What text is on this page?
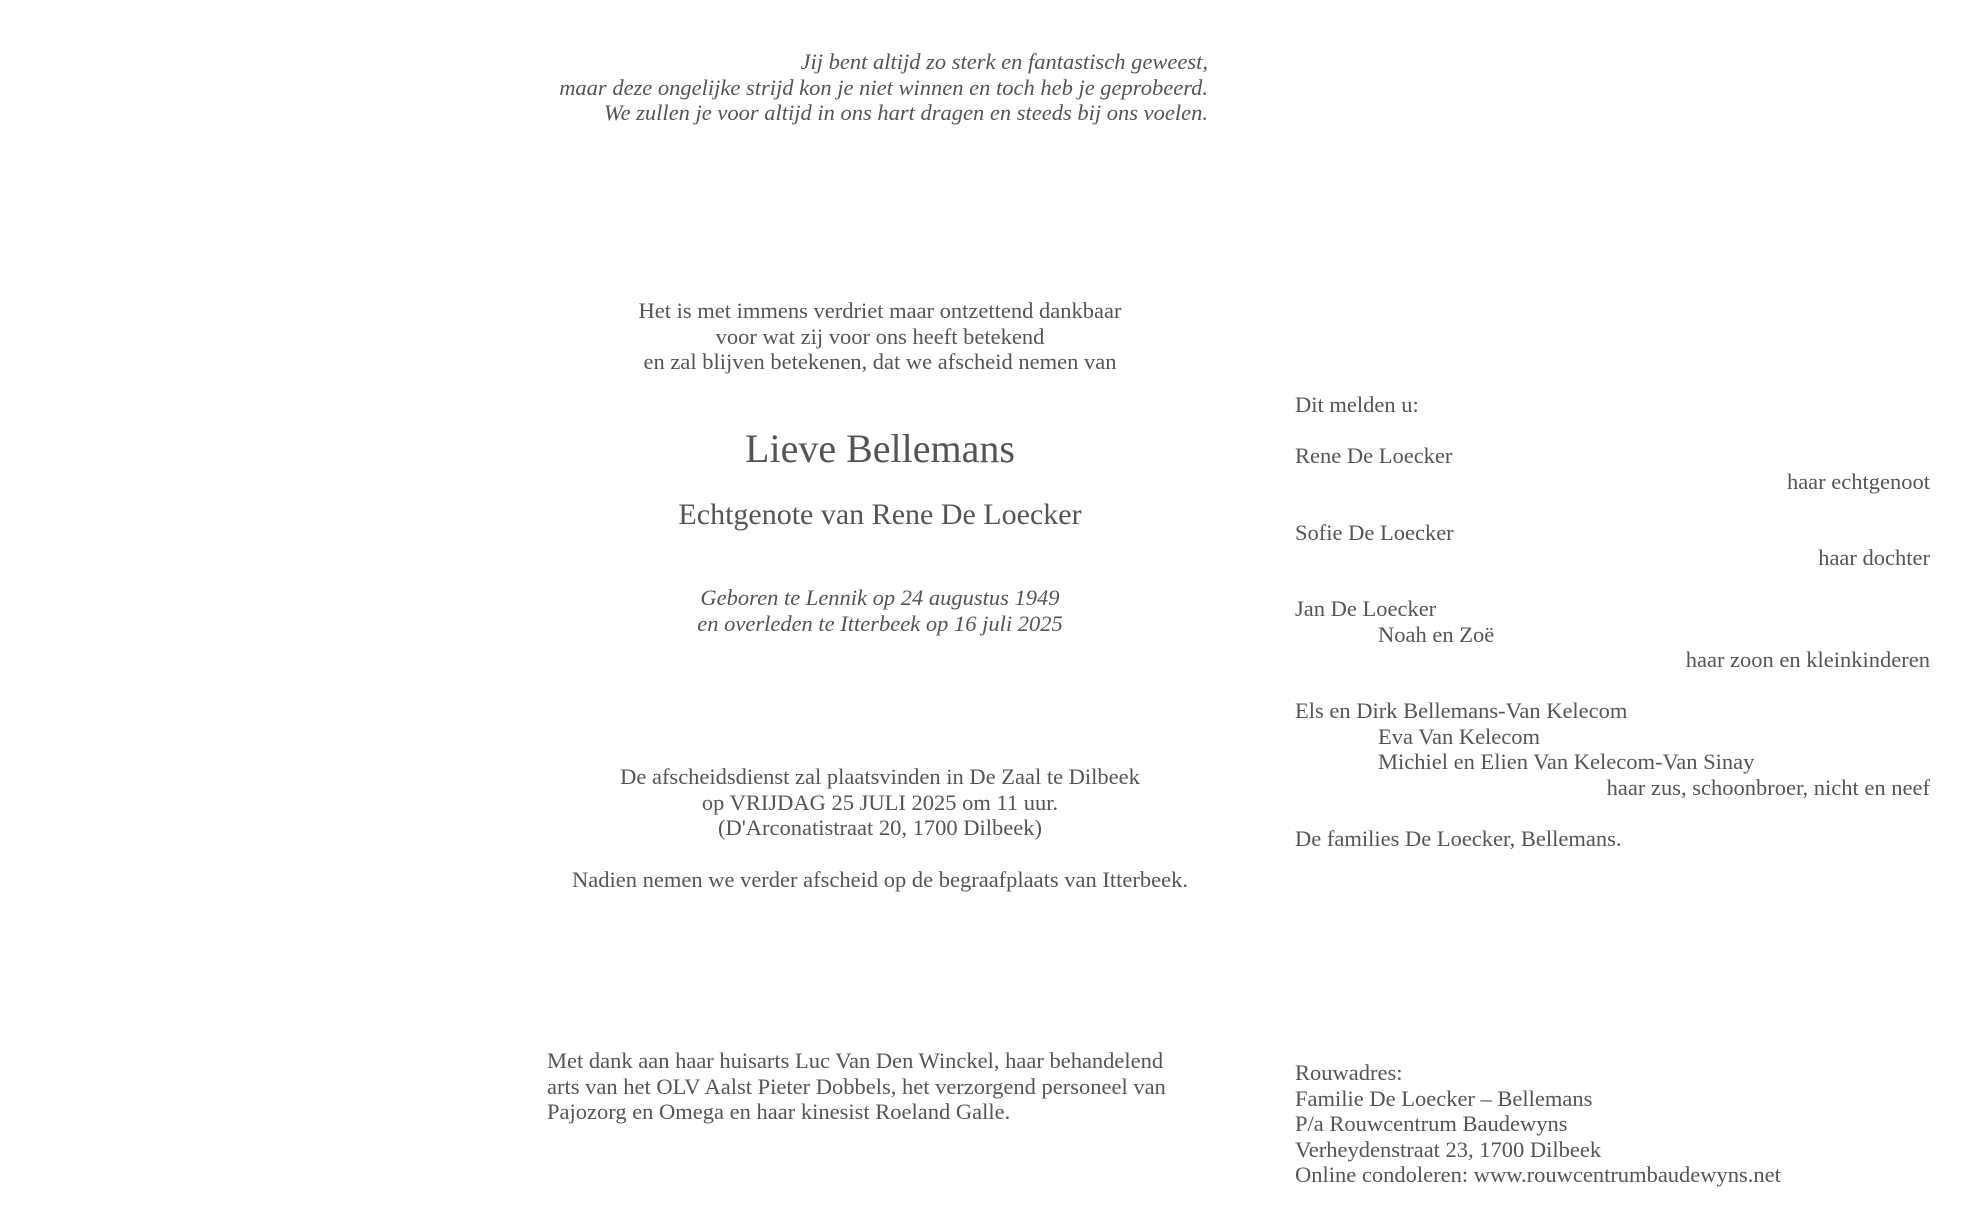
Jij bent altijd zo sterk en fantastisch geweest,
maar deze ongelijke strijd kon je niet winnen en toch heb je geprobeerd.
We zullen je voor altijd in ons hart dragen en steeds bij ons voelen.
Het is met immens verdriet maar ontzettend dankbaar
voor wat zij voor ons heeft betekend
en zal blijven betekenen, dat we afscheid nemen van
Lieve Bellemans
Echtgenote van Rene De Loecker
Geboren te Lennik op 24 augustus 1949
en overleden te Itterbeek op 16 juli 2025
De afscheidsdienst zal plaatsvinden in De Zaal te Dilbeek
op VRIJDAG 25 JULI 2025 om 11 uur.
(D'Arconatistraat 20, 1700 Dilbeek)
Nadien nemen we verder afscheid op de begraafplaats van Itterbeek.
Met dank aan haar huisarts Luc Van Den Winckel, haar behandelend
arts van het OLV Aalst Pieter Dobbels, het verzorgend personeel van
Pajozorg en Omega en haar kinesist Roeland Galle.
Dit melden u:
Rene De Loecker
haar echtgenoot
Sofie De Loecker
haar dochter
Jan De Loecker
Noah en Zoë
haar zoon en kleinkinderen
Els en Dirk Bellemans-Van Kelecom
Eva Van Kelecom
Michiel en Elien Van Kelecom-Van Sinay
haar zus, schoonbroer, nicht en neef
De families De Loecker, Bellemans.
Rouwadres:
Familie De Loecker – Bellemans
P/a Rouwcentrum Baudewyns
Verheydenstraat 23, 1700 Dilbeek
Online condoleren: www.rouwcentrumbaudewyns.net
